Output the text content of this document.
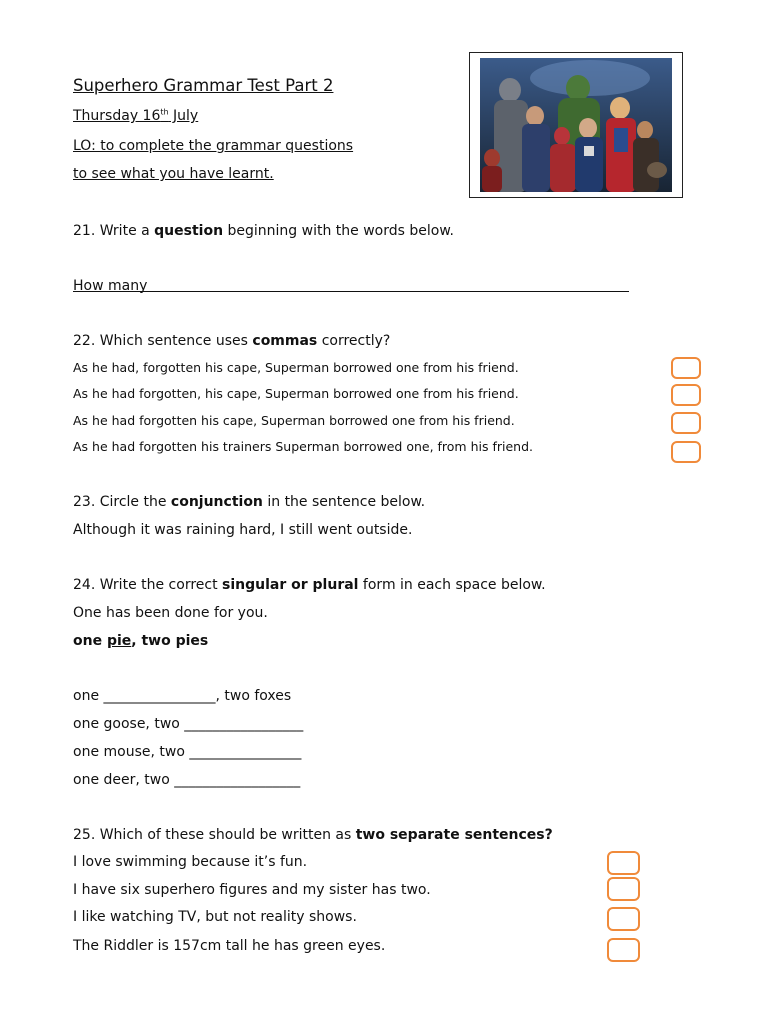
Superhero Grammar Test Part 2
Thursday 16th July
LO: to complete the grammar questions
to see what you have learnt.
21. Write a question beginning with the words below.
How many
22. Which sentence uses commas correctly?
As he had, forgotten his cape, Superman borrowed one from his friend.
As he had forgotten, his cape, Superman borrowed one from his friend.
As he had forgotten his cape, Superman borrowed one from his friend.
As he had forgotten his trainers Superman borrowed one, from his friend.
23. Circle the conjunction in the sentence below.
Although it was raining hard, I still went outside.
24. Write the correct singular or plural form in each space below.
One has been done for you.
one pie, two pies
one ________________, two foxes
one goose, two _________________
one mouse, two ________________
one deer, two __________________
25. Which of these should be written as two separate sentences?
I love swimming because it’s fun.
I have six superhero figures and my sister has two.
I like watching TV, but not reality shows.
The Riddler is 157cm tall he has green eyes.
